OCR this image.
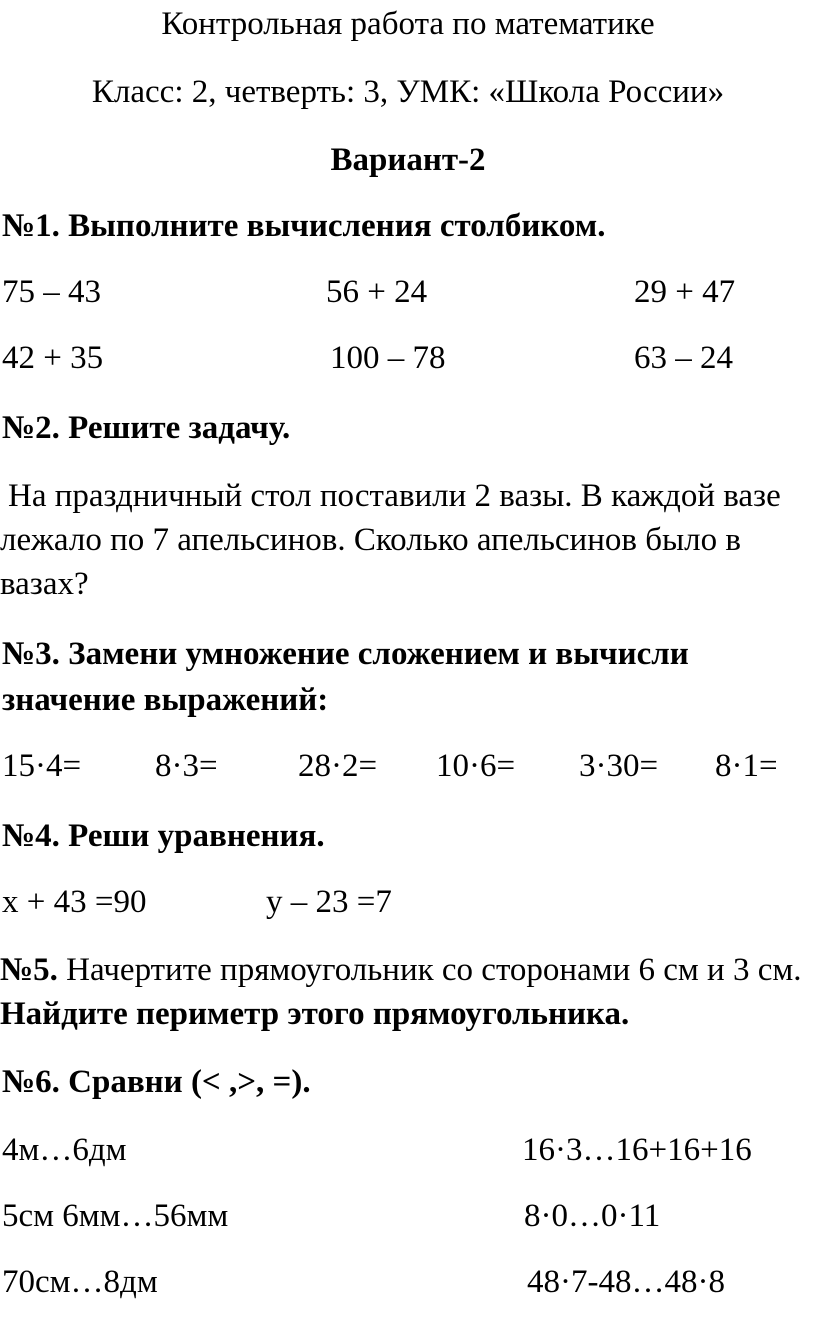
Контрольная работа по математике
Класс: 2, четверть: 3, УМК: «Школа России»
Вариант-2
№1. Выполните вычисления столбиком.
75 – 43	56 + 24	29 + 47
42 + 35	100 – 78	63 – 24
№2. Решите задачу.
На праздничный стол поставили 2 вазы. В каждой вазе лежало по 7 апельсинов. Сколько апельсинов было в вазах?
№3. Замени умножение сложением и вычисли
значение выражений:
15·4= 8·3= 28·2= 10·6= 3·30= 8·1=
№4. Реши уравнения.
х + 43 =90	у – 23 =7
№5. Начертите прямоугольник со сторонами 6 см и 3 см. Найдите периметр этого прямоугольника.
№6. Сравни (< ,>, =).
4м…6дм	16·3…16+16+16
5см 6мм…56мм	8·0…0·11
70см…8дм	48·7-48…48·8
